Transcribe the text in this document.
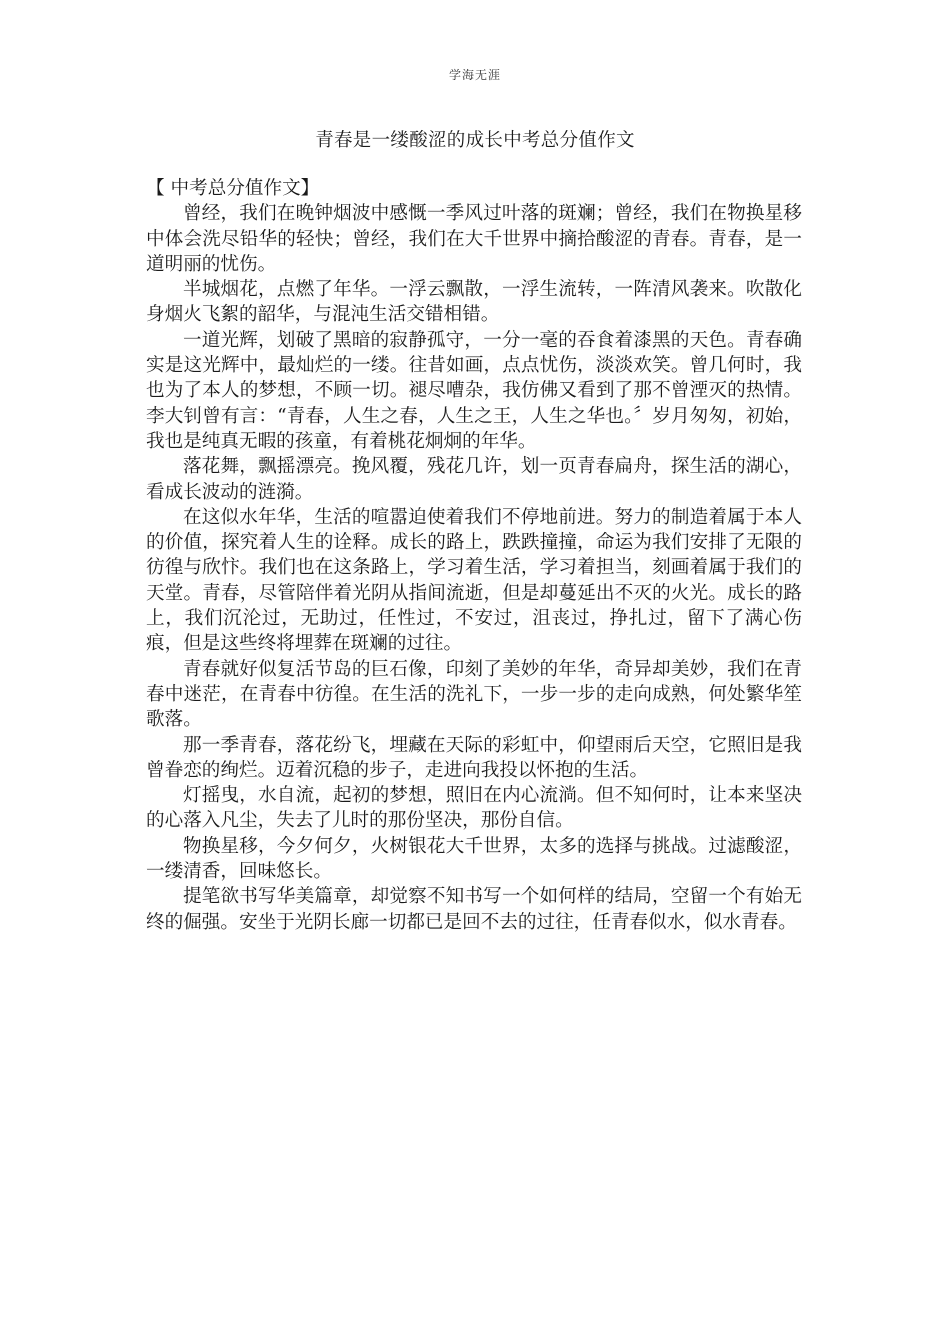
学海无涯
青春是一缕酸涩的成长中考总分值作文

【 中考总分值作文】

曾经，我们在晚钟烟波中感慨一季风过叶落的斑斓；曾经，我们在物换星移中体会洗尽铅华的轻快；曾经，我们在大千世界中摘拾酸涩的青春。青春，是一道明丽的忧伤。

半城烟花，点燃了年华。一浮云飘散，一浮生流转，一阵清风袭来。吹散化身烟火飞絮的韶华，与混沌生活交错相错。

一道光辉，划破了黑暗的寂静孤守，一分一毫的吞食着漆黑的天色。青春确实是这光辉中，最灿烂的一缕。往昔如画，点点忧伤，淡淡欢笑。曾几何时，我也为了本人的梦想，不顾一切。褪尽嘈杂，我仿佛又看到了那不曾湮灭的热情。李大钊曾有言：“青春，人生之春，人生之王，人生之华也。〞岁月匆匆，初始，我也是纯真无暇的孩童，有着桃花炯炯的年华。

落花舞，飘摇漂亮。挽风覆，残花几许，划一页青春扁舟，探生活的湖心，看成长波动的涟漪。

在这似水年华，生活的喧嚣迫使着我们不停地前进。努力的制造着属于本人的价值，探究着人生的诠释。成长的路上，跌跌撞撞，命运为我们安排了无限的彷徨与欣忭。我们也在这条路上，学习着生活，学习着担当，刻画着属于我们的天堂。青春，尽管陪伴着光阴从指间流逝，但是却蔓延出不灭的火光。成长的路上，我们沉沦过，无助过，任性过，不安过，沮丧过，挣扎过，留下了满心伤痕，但是这些终将埋葬在斑斓的过往。

青春就好似复活节岛的巨石像，印刻了美妙的年华，奇异却美妙，我们在青春中迷茫，在青春中彷徨。在生活的洗礼下，一步一步的走向成熟，何处繁华笙歌落。

那一季青春，落花纷飞，埋藏在天际的彩虹中，仰望雨后天空，它照旧是我曾眷恋的绚烂。迈着沉稳的步子，走进向我投以怀抱的生活。

灯摇曳，水自流，起初的梦想，照旧在内心流淌。但不知何时，让本来坚决的心落入凡尘，失去了儿时的那份坚决，那份自信。

物换星移，今夕何夕，火树银花大千世界，太多的选择与挑战。过滤酸涩，一缕清香，回味悠长。

提笔欲书写华美篇章，却觉察不知书写一个如何样的结局，空留一个有始无终的倔强。安坐于光阴长廊一切都已是回不去的过往，任青春似水，似水青春。
